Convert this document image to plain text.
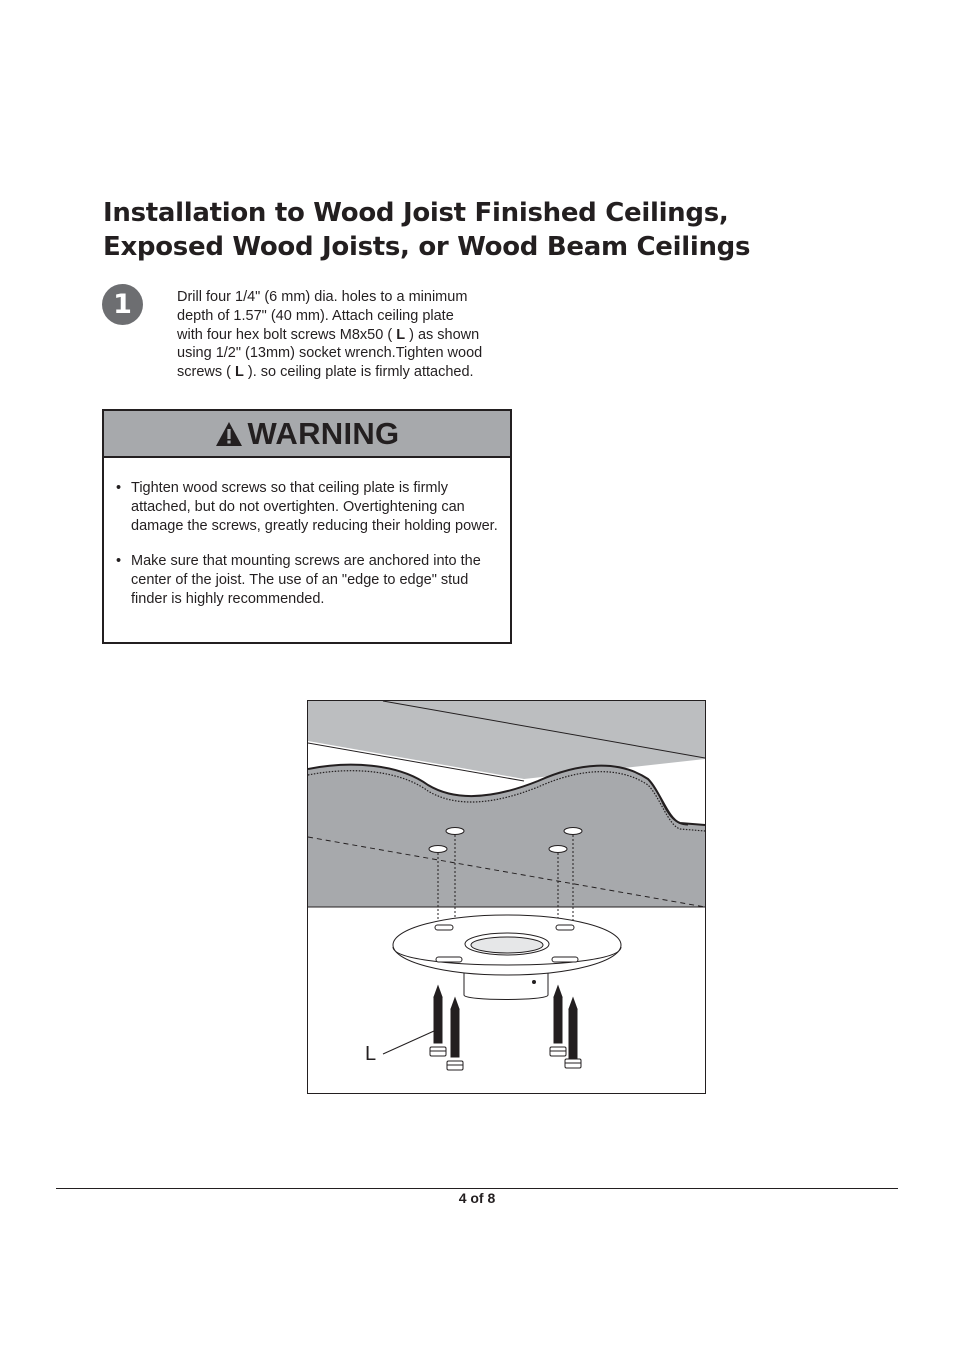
Installation to Wood Joist Finished Ceilings,
Exposed Wood Joists, or Wood Beam Ceilings
1	Drill four 1/4" (6 mm) dia. holes to a minimum
depth of 1.57" (40 mm). Attach ceiling plate
with four hex bolt screws M8x50 ( L ) as shown
using 1/2" (13mm) socket wrench.Tighten wood
screws ( L ). so ceiling plate is firmly attached.
WARNING
• Tighten wood screws so that ceiling plate is firmly attached, but do not overtighten. Overtightening can damage the screws, greatly reducing their holding power.
• Make sure that mounting screws are anchored into the center of the joist. The use of an "edge to edge" stud finder is highly recommended.
L
4 of 8
